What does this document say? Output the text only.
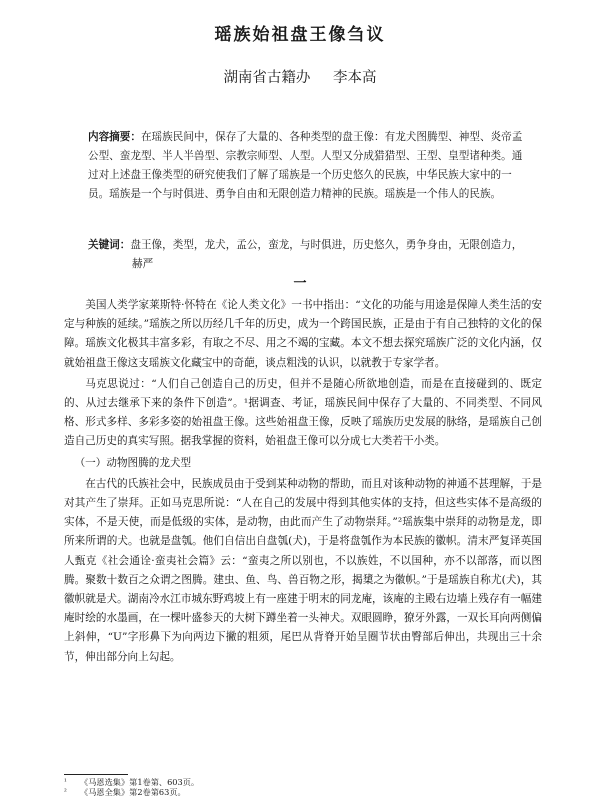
瑶族始祖盘王像刍议
湖南省古籍办 李本高
内容摘要：在瑶族民间中，保存了大量的、各种类型的盘王像：有龙犬图腾型、神型、炎帝孟公型、蛮龙型、半人半兽型、宗教宗师型、人型。人型又分成猎猎型、王型、皇型诸种类。通过对上述盘王像类型的研究使我们了解了瑶族是一个历史悠久的民族，中华民族大家中的一员。瑶族是一个与时俱进、勇争自由和无限创造力精神的民族。瑶族是一个伟人的民族。
关键词：盘王像，类型，龙犬，孟公，蛮龙，与时俱进，历史悠久，勇争身由，无限创造力，赫严
一

美国人类学家莱斯特·怀特在《论人类文化》一书中指出：“文化的功能与用途是保障人类生活的安定与种族的延续。”瑶族之所以历经几千年的历史，成为一个跨国民族，正是由于有自己独特的文化的保障。瑶族文化极其丰富多彩，有取之不尽、用之不竭的宝藏。本文不想去探究瑶族广泛的文化内涵，仅就始祖盘王像这支瑶族文化藏宝中的奇葩，谈点粗浅的认识，以就教于专家学者。

马克思说过：“人们自己创造自己的历史，但并不是随心所欲地创造，而是在直接碰到的、既定的、从过去继承下来的条件下创造”。¹据调查、考证，瑶族民间中保存了大量的、不同类型、不同风格、形式多样、多彩多姿的始祖盘王像。这些始祖盘王像，反映了瑶族历史发展的脉络，是瑶族自己创造自己历史的真实写照。据我掌握的资料，始祖盘王像可以分成七大类若干小类。

（一）动物图腾的龙犬型

在古代的氏族社会中，民族成员由于受到某种动物的帮助，而且对该种动物的神通不甚理解，于是对其产生了崇拜。正如马克思所说：“人在自己的发展中得到其他实体的支持，但这些实体不是高级的实体，不是天使，而是低级的实体，是动物，由此而产生了动物崇拜。”²瑶族集中崇拜的动物是龙，即所来所谓的犬。也就是盘瓠。他们自信出自盘瓠(犬)，于是将盘瓠作为本民族的徽帜。清末严复译英国人甄克《社会通诠·蛮夷社会篇》云：“蛮夷之所以别也，不以族姓，不以国种，亦不以部落，而以图腾。聚数十数百之众谓之图腾。建虫、鱼、鸟、兽百物之形，揭橥之为徽帜。”于是瑶族自称尤(犬)，其徽帜就是犬。湖南冷水江市城东野鸡坡上有一座建于明末的同龙庵，该庵的主殿右边墙上残存有一幅建庵时绘的水墨画，在一棵叶盛参天的大树下蹲坐着一头神犬。双眼圆睁，獠牙外露，一双长耳向两侧偏上斜伸，“U”字形鼻下为向两边下撇的粗须，尾巴从背脊开始呈圈节状由臀部后伸出，共现出三十余节，伸出部分向上勾起。

¹ 《马恩选集》第1卷第、603页。
² 《马恩全集》第2卷第63页。
